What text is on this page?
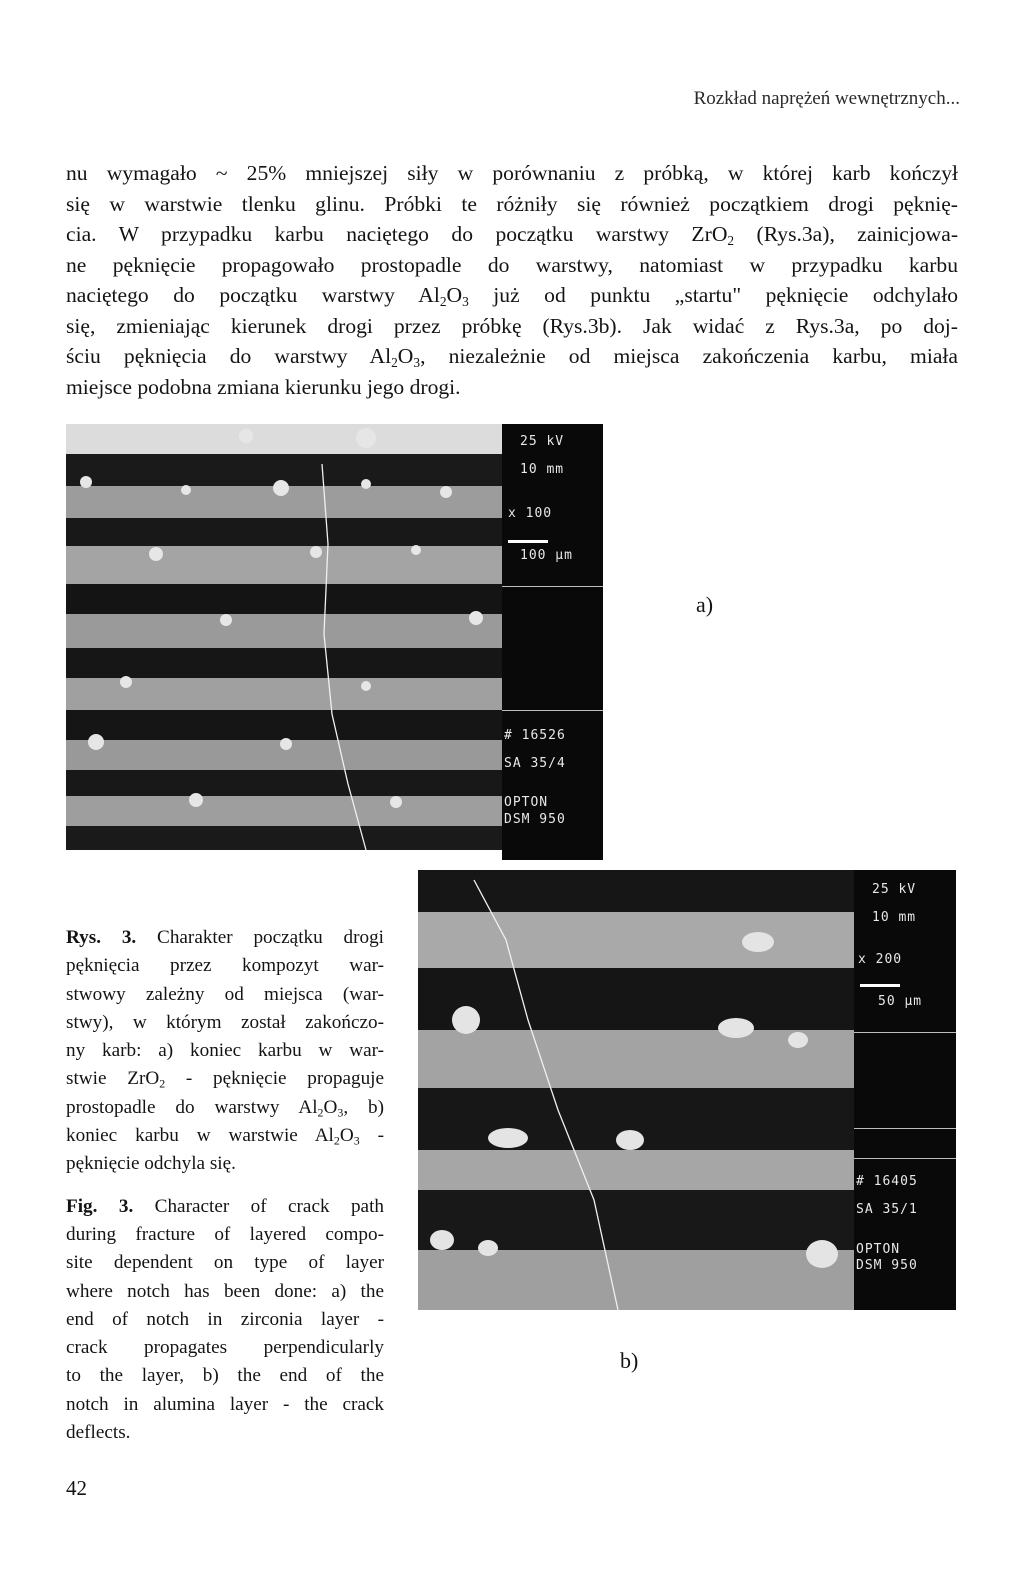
Rozkład naprężeń wewnętrznych...
nu wymagało ~ 25% mniejszej siły w porównaniu z próbką, w której karb kończył
się w warstwie tlenku glinu. Próbki te różniły się również początkiem drogi pęknię-
cia. W przypadku karbu naciętego do początku warstwy ZrO$_2$ (Rys.3a), zainicjowa-
ne pęknięcie propagowało prostopadle do warstwy, natomiast w przypadku karbu
naciętego do początku warstwy $Al_2O_3$ już od punktu „startu" pęknięcie odchylało
się, zmieniając kierunek drogi przez próbkę (Rys.3b). Jak widać z Rys.3a, po doj-
ściu pęknięcia do warstwy $Al_2O_3$, niezależnie od miejsca zakończenia karbu, miała
miejsce podobna zmiana kierunku jego drogi.
25 kV
10 mm
x 100
100 μm
# 16526
SA 35/4
OPTON
DSM 950
a)
25 kV
10 mm
x 200
50 μm
# 16405
SA 35/1
OPTON
DSM 950
b)
Rys. 3. Charakter początku drogi
pęknięcia przez kompozyt war-
stwowy zależny od miejsca (war-
stwy), w którym został zakończo-
ny karb: a) koniec karbu w war-
stwie ZrO$_2$ - pęknięcie propaguje
prostopadle do warstwy $Al_2O_3$, b)
koniec karbu w warstwie $Al_2O_3$ -
pęknięcie odchyla się.
Fig. 3. Character of crack path
during fracture of layered compo-
site dependent on type of layer
where notch has been done: a) the
end of notch in zirconia layer -
crack propagates perpendicularly
to the layer, b) the end of the
notch in alumina layer - the crack
deflects.
42
